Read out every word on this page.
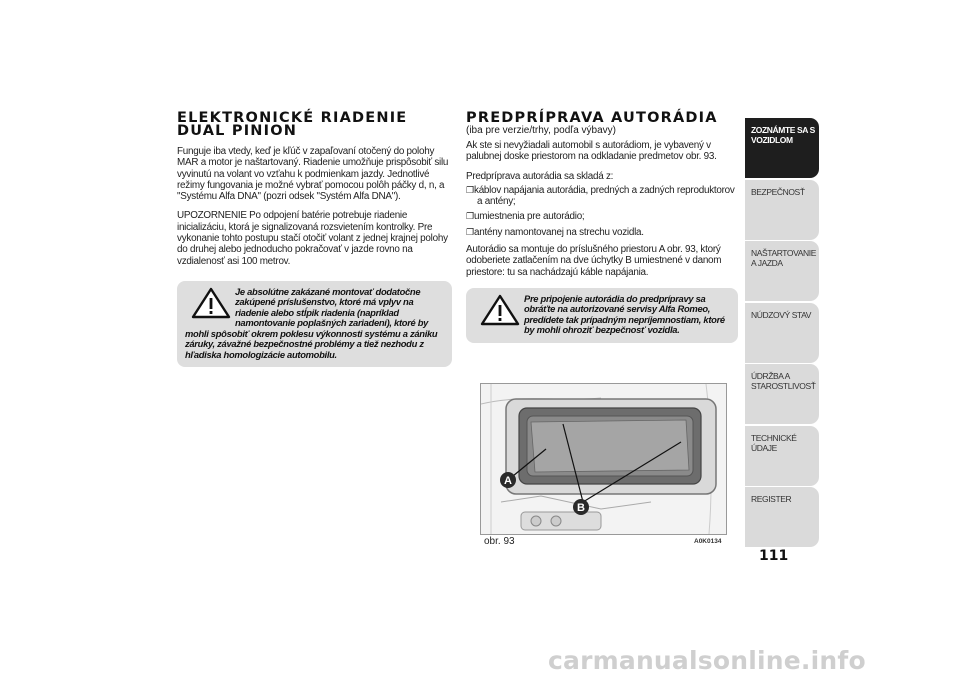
ELEKTRONICKÉ RIADENIE
DUAL PINION

Funguje iba vtedy, keď je kľúč v zapaľovaní otočený do polohy MAR a motor je naštartovaný. Riadenie umožňuje prispôsobiť silu vyvinutú na volant vo vzťahu k podmienkam jazdy. Jednotlivé režimy fungovania je možné vybrať pomocou polôh páčky d, n, a "Systému Alfa DNA" (pozri odsek "Systém Alfa DNA").

UPOZORNENIE Po odpojení batérie potrebuje riadenie inicializáciu, ktorá je signalizovaná rozsvietením kontrolky. Pre vykonanie tohto postupu stačí otočiť volant z jednej krajnej polohy do druhej alebo jednoducho pokračovať v jazde rovno na vzdialenosť asi 100 metrov.

Je absolútne zakázané montovať dodatočne zakúpené príslušenstvo, ktoré má vplyv na riadenie alebo stĺpik riadenia (napríklad namontovanie poplašných zariadení), ktoré by mohli spôsobiť okrem poklesu výkonnosti systému a zániku záruky, závažné bezpečnostné problémy a tiež nezhodu z hľadiska homologizácie automobilu.

PREDPRÍPRAVA AUTORÁDIA
(iba pre verzie/trhy, podľa výbavy)

Ak ste si nevyžiadali automobil s autorádiom, je vybavený v palubnej doske priestorom na odkladanie predmetov obr. 93.

Predpríprava autorádia sa skladá z:

❐káblov napájania autorádia, predných a zadných reproduktorov a antény;
❐umiestnenia pre autorádio;
❐antény namontovanej na strechu vozidla.

Autorádio sa montuje do príslušného priestoru A obr. 93, ktorý odoberiete zatlačením na dve úchytky B umiestnené v danom priestore: tu sa nachádzajú káble napájania.

Pre pripojenie autorádia do predprípravy sa obráťte na autorizované servisy Alfa Romeo, predídete tak prípadným nepríjemnostiam, ktoré by mohli ohroziť bezpečnosť vozidla.

A
B
obr. 93	A0K0134
ZOZNÁMTE SA S VOZIDLOM
BEZPEČNOSŤ
NAŠTARTOVANIE A JAZDA
NÚDZOVÝ STAV
ÚDRŽBA A STAROSTLIVOSŤ
TECHNICKÉ ÚDAJE
REGISTER
111
carmanualsonline.info
